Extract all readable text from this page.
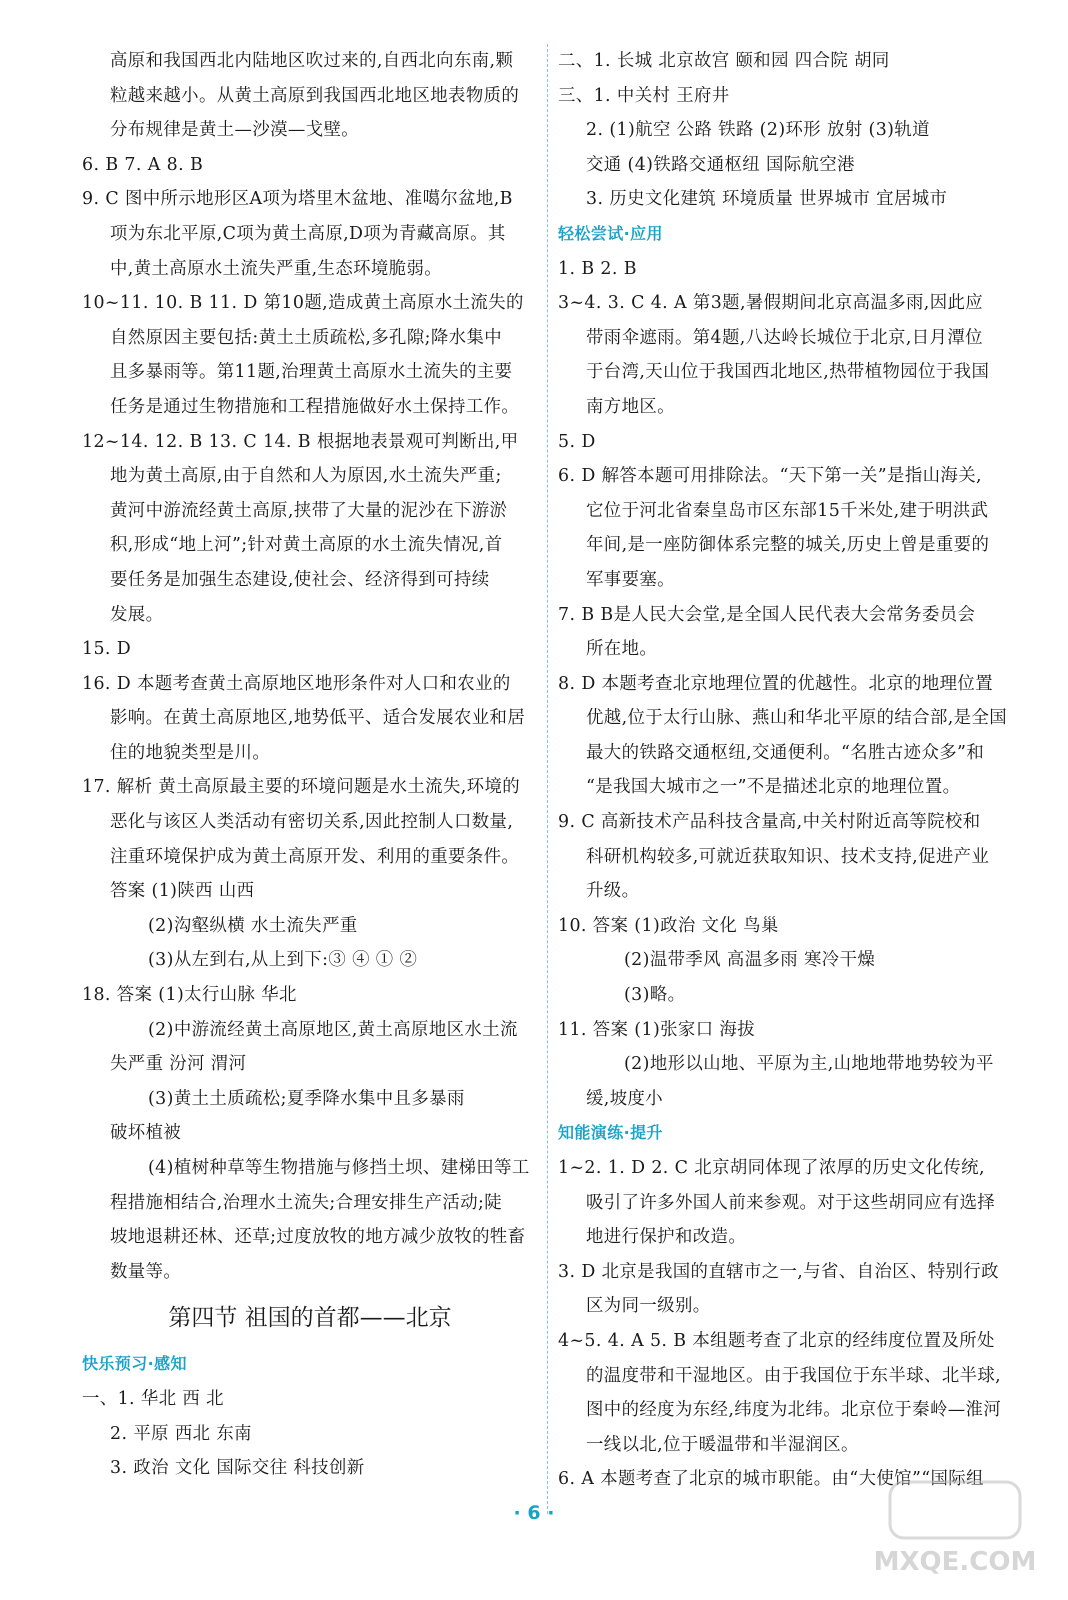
高原和我国西北内陆地区吹过来的,自西北向东南,颗
粒越来越小。从黄土高原到我国西北地区地表物质的
分布规律是黄土—沙漠—戈壁。
6. B 7. A 8. B
9. C 图中所示地形区A项为塔里木盆地、准噶尔盆地,B
项为东北平原,C项为黄土高原,D项为青藏高原。其
中,黄土高原水土流失严重,生态环境脆弱。
10~11. 10. B 11. D 第10题,造成黄土高原水土流失的
自然原因主要包括:黄土土质疏松,多孔隙;降水集中
且多暴雨等。第11题,治理黄土高原水土流失的主要
任务是通过生物措施和工程措施做好水土保持工作。
12~14. 12. B 13. C 14. B 根据地表景观可判断出,甲
地为黄土高原,由于自然和人为原因,水土流失严重;
黄河中游流经黄土高原,挟带了大量的泥沙在下游淤
积,形成“地上河”;针对黄土高原的水土流失情况,首
要任务是加强生态建设,使社会、经济得到可持续
发展。
15. D
16. D 本题考查黄土高原地区地形条件对人口和农业的
影响。在黄土高原地区,地势低平、适合发展农业和居
住的地貌类型是川。
17. 解析 黄土高原最主要的环境问题是水土流失,环境的
恶化与该区人类活动有密切关系,因此控制人口数量,
注重环境保护成为黄土高原开发、利用的重要条件。
答案 (1)陕西 山西
(2)沟壑纵横 水土流失严重
(3)从左到右,从上到下:③ ④ ① ②
18. 答案 (1)太行山脉 华北
(2)中游流经黄土高原地区,黄土高原地区水土流
失严重 汾河 渭河
(3)黄土土质疏松;夏季降水集中且多暴雨
破坏植被
(4)植树种草等生物措施与修挡土坝、建梯田等工
程措施相结合,治理水土流失;合理安排生产活动;陡
坡地退耕还林、还草;过度放牧的地方减少放牧的牲畜
数量等。
第四节 祖国的首都——北京
快乐预习·感知
一、1. 华北 西 北
2. 平原 西北 东南
3. 政治 文化 国际交往 科技创新
二、1. 长城 北京故宫 颐和园 四合院 胡同
三、1. 中关村 王府井
2. (1)航空 公路 铁路 (2)环形 放射 (3)轨道
交通 (4)铁路交通枢纽 国际航空港
3. 历史文化建筑 环境质量 世界城市 宜居城市
轻松尝试·应用
1. B 2. B
3~4. 3. C 4. A 第3题,暑假期间北京高温多雨,因此应
带雨伞遮雨。第4题,八达岭长城位于北京,日月潭位
于台湾,天山位于我国西北地区,热带植物园位于我国
南方地区。
5. D
6. D 解答本题可用排除法。“天下第一关”是指山海关,
它位于河北省秦皇岛市区东部15千米处,建于明洪武
年间,是一座防御体系完整的城关,历史上曾是重要的
军事要塞。
7. B B是人民大会堂,是全国人民代表大会常务委员会
所在地。
8. D 本题考查北京地理位置的优越性。北京的地理位置
优越,位于太行山脉、燕山和华北平原的结合部,是全国
最大的铁路交通枢纽,交通便利。“名胜古迹众多”和
“是我国大城市之一”不是描述北京的地理位置。
9. C 高新技术产品科技含量高,中关村附近高等院校和
科研机构较多,可就近获取知识、技术支持,促进产业
升级。
10. 答案 (1)政治 文化 鸟巢
(2)温带季风 高温多雨 寒冷干燥
(3)略。
11. 答案 (1)张家口 海拔
(2)地形以山地、平原为主,山地地带地势较为平
缓,坡度小
知能演练·提升
1~2. 1. D 2. C 北京胡同体现了浓厚的历史文化传统,
吸引了许多外国人前来参观。对于这些胡同应有选择
地进行保护和改造。
3. D 北京是我国的直辖市之一,与省、自治区、特别行政
区为同一级别。
4~5. 4. A 5. B 本组题考查了北京的经纬度位置及所处
的温度带和干湿地区。由于我国位于东半球、北半球,
图中的经度为东经,纬度为北纬。北京位于秦岭—淮河
一线以北,位于暖温带和半湿润区。
6. A 本题考查了北京的城市职能。由“大使馆”“国际组
· 6 ·
MXQE.COM
